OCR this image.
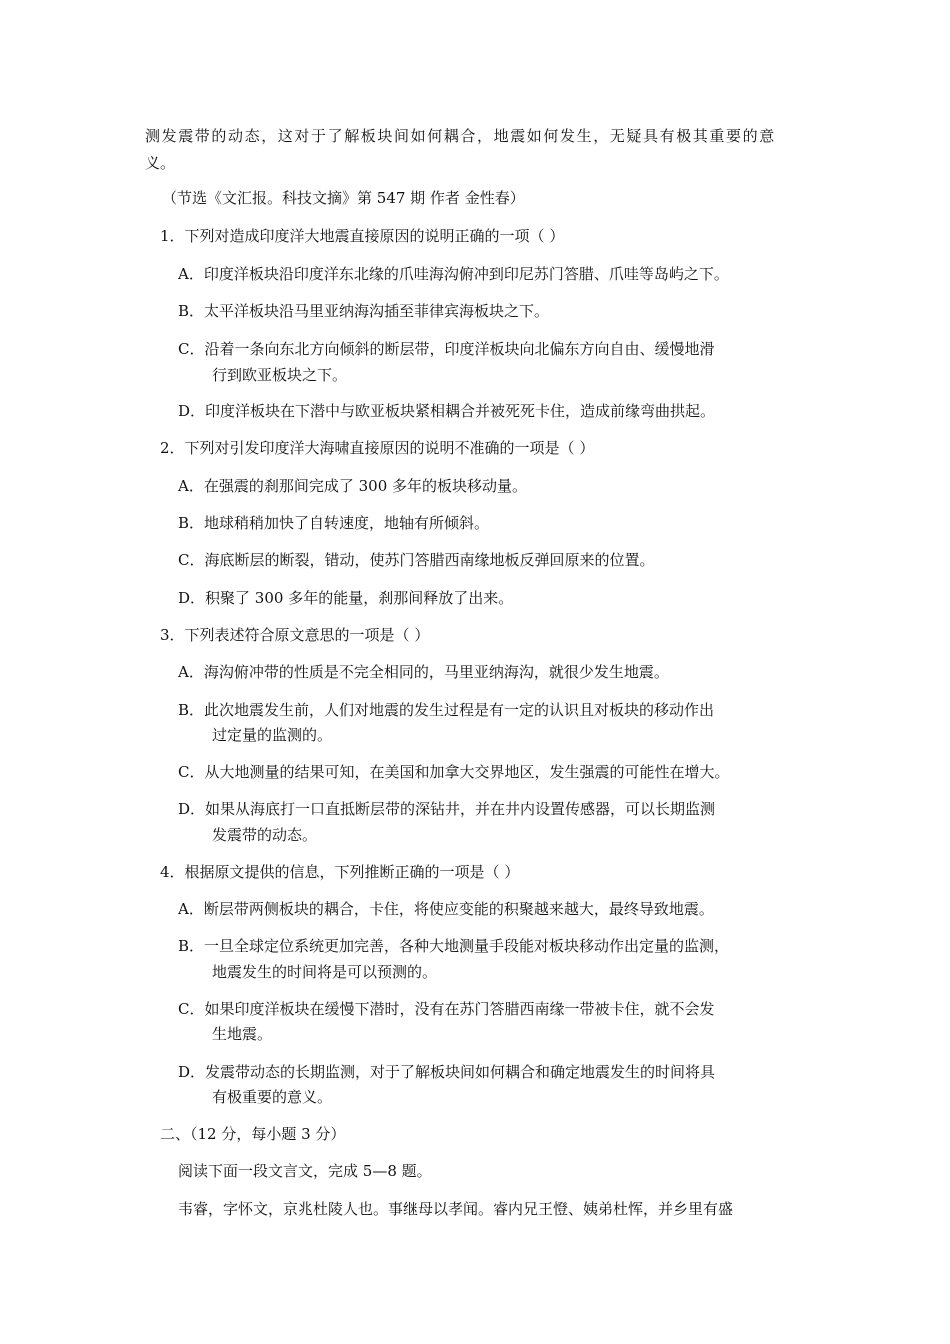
测发震带的动态，这对于了解板块间如何耦合，地震如何发生，无疑具有极其重要的意
义。
（节选《文汇报。科技文摘》第 547 期 作者 金性春）
1．下列对造成印度洋大地震直接原因的说明正确的一项（ ）
A．印度洋板块沿印度洋东北缘的爪哇海沟俯冲到印尼苏门答腊、爪哇等岛屿之下。
B．太平洋板块沿马里亚纳海沟插至菲律宾海板块之下。
C．沿着一条向东北方向倾斜的断层带，印度洋板块向北偏东方向自由、缓慢地滑
行到欧亚板块之下。
D．印度洋板块在下潜中与欧亚板块紧相耦合并被死死卡住，造成前缘弯曲拱起。
2．下列对引发印度洋大海啸直接原因的说明不准确的一项是（ ）
A．在强震的刹那间完成了 300 多年的板块移动量。
B．地球稍稍加快了自转速度，地轴有所倾斜。
C．海底断层的断裂，错动，使苏门答腊西南缘地板反弹回原来的位置。
D．积聚了 300 多年的能量，刹那间释放了出来。
3．下列表述符合原文意思的一项是（ ）
A．海沟俯冲带的性质是不完全相同的，马里亚纳海沟，就很少发生地震。
B．此次地震发生前，人们对地震的发生过程是有一定的认识且对板块的移动作出
过定量的监测的。
C．从大地测量的结果可知，在美国和加拿大交界地区，发生强震的可能性在增大。
D．如果从海底打一口直抵断层带的深钻井，并在井内设置传感器，可以长期监测
发震带的动态。
4．根据原文提供的信息，下列推断正确的一项是（ ）
A．断层带两侧板块的耦合，卡住，将使应变能的积聚越来越大，最终导致地震。
B．一旦全球定位系统更加完善，各种大地测量手段能对板块移动作出定量的监测，
地震发生的时间将是可以预测的。
C．如果印度洋板块在缓慢下潜时，没有在苏门答腊西南缘一带被卡住，就不会发
生地震。
D．发震带动态的长期监测，对于了解板块间如何耦合和确定地震发生的时间将具
有极重要的意义。
二、（12 分，每小题 3 分）
阅读下面一段文言文，完成 5—8 题。
韦睿，字怀文，京兆杜陵人也。事继母以孝闻。睿内兄王憕、姨弟杜恽，并乡里有盛
